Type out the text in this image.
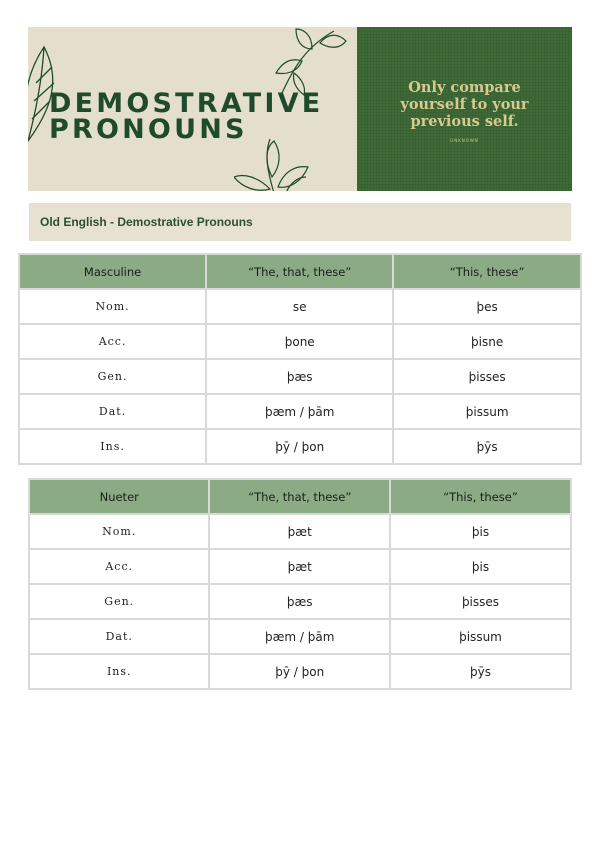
DEMOSTRATIVE
PRONOUNS
Only compare
yourself to your
previous self.
UNKNOWN
Old English - Demostrative Pronouns
Masculine	“The, that, these”	“This, these”
Nom.	se	þes
Acc.	þone	þisne
Gen.	þæs	þisses
Dat.	þæm / þām	þissum
Ins.	þȳ / þon	þȳs
Nueter	“The, that, these”	“This, these”
Nom.	þæt	þis
Acc.	þæt	þis
Gen.	þæs	þisses
Dat.	þæm / þām	þissum
Ins.	þȳ / þon	þȳs
